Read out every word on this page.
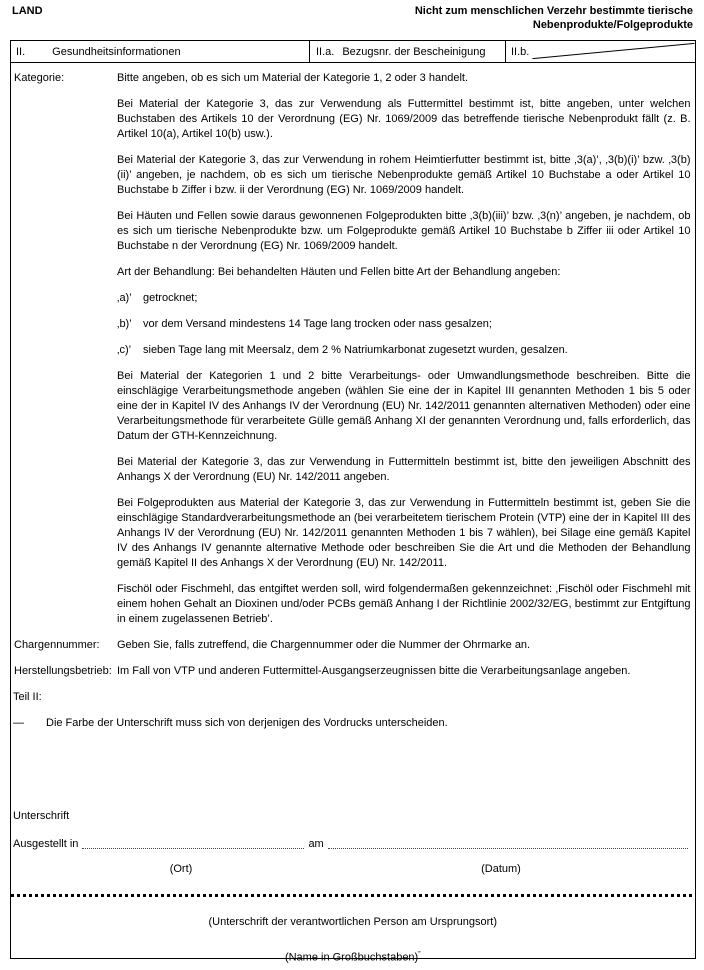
LAND	Nicht zum menschlichen Verzehr bestimmte tierische
Nebenprodukte/Folgeprodukte
II. Gesundheitsinformationen	II.a. Bezugsnr. der Bescheinigung II.b.
Kategorie:	Bitte angeben, ob es sich um Material der Kategorie 1, 2 oder 3 handelt.

Bei Material der Kategorie 3, das zur Verwendung als Futtermittel bestimmt ist, bitte angeben, unter welchen Buchstaben des Artikels 10 der Verordnung (EG) Nr. 1069/2009 das betreffende tierische Nebenprodukt fällt (z. B. Artikel 10(a), Artikel 10(b) usw.).

Bei Material der Kategorie 3, das zur Verwendung in rohem Heimtierfutter bestimmt ist, bitte ‚3(a)’, ‚3(b)(i)’ bzw. ‚3(b)(ii)’ angeben, je nachdem, ob es sich um tierische Nebenprodukte gemäß Artikel 10 Buchstabe a oder Artikel 10 Buchstabe b Ziffer i bzw. ii der Verordnung (EG) Nr. 1069/2009 handelt.

Bei Häuten und Fellen sowie daraus gewonnenen Folgeprodukten bitte ‚3(b)(iii)’ bzw. ‚3(n)’ angeben, je nachdem, ob es sich um tierische Nebenprodukte bzw. um Folgeprodukte gemäß Artikel 10 Buchstabe b Ziffer iii oder Artikel 10 Buchstabe n der Verordnung (EG) Nr. 1069/2009 handelt.

Art der Behandlung: Bei behandelten Häuten und Fellen bitte Art der Behandlung angeben:

‚a)’	getrocknet;
‚b)’	vor dem Versand mindestens 14 Tage lang trocken oder nass gesalzen;
‚c)’	sieben Tage lang mit Meersalz, dem 2 % Natriumkarbonat zugesetzt wurden, gesalzen.

Bei Material der Kategorien 1 und 2 bitte Verarbeitungs- oder Umwandlungsmethode beschreiben. Bitte die einschlägige Verarbeitungsmethode angeben (wählen Sie eine der in Kapitel III genannten Methoden 1 bis 5 oder eine der in Kapitel IV des Anhangs IV der Verordnung (EU) Nr. 142/2011 genannten alternativen Methoden) oder eine Verarbeitungsmethode für verarbeitete Gülle gemäß Anhang XI der genannten Verordnung und, falls erforderlich, das Datum der GTH-Kennzeichnung.

Bei Material der Kategorie 3, das zur Verwendung in Futtermitteln bestimmt ist, bitte den jeweiligen Abschnitt des Anhangs X der Verordnung (EU) Nr. 142/2011 angeben.

Bei Folgeprodukten aus Material der Kategorie 3, das zur Verwendung in Futtermitteln bestimmt ist, geben Sie die einschlägige Standardverarbeitungsmethode an (bei verarbeitetem tierischem Protein (VTP) eine der in Kapitel III des Anhangs IV der Verordnung (EU) Nr. 142/2011 genannten Methoden 1 bis 7 wählen), bei Silage eine gemäß Kapitel IV des Anhangs IV genannte alternative Methode oder beschreiben Sie die Art und die Methoden der Behandlung gemäß Kapitel II des Anhangs X der Verordnung (EU) Nr. 142/2011.

Fischöl oder Fischmehl, das entgiftet werden soll, wird folgendermaßen gekennzeichnet: ‚Fischöl oder Fischmehl mit einem hohen Gehalt an Dioxinen und/oder PCBs gemäß Anhang I der Richtlinie 2002/32/EG, bestimmt zur Entgiftung in einem zugelassenen Betrieb’.

Chargennummer:	Geben Sie, falls zutreffend, die Chargennummer oder die Nummer der Ohrmarke an.

Herstellungsbetrieb: Im Fall von VTP und anderen Futtermittel-Ausgangserzeugnissen bitte die Verarbeitungsanlage angeben.

Teil II:
—	Die Farbe der Unterschrift muss sich von derjenigen des Vordrucks unterscheiden.
Unterschrift
Ausgestellt in	am
(Ort)	(Datum)
(Unterschrift der verantwortlichen Person am Ursprungsort)
(Name in Großbuchstaben)”
